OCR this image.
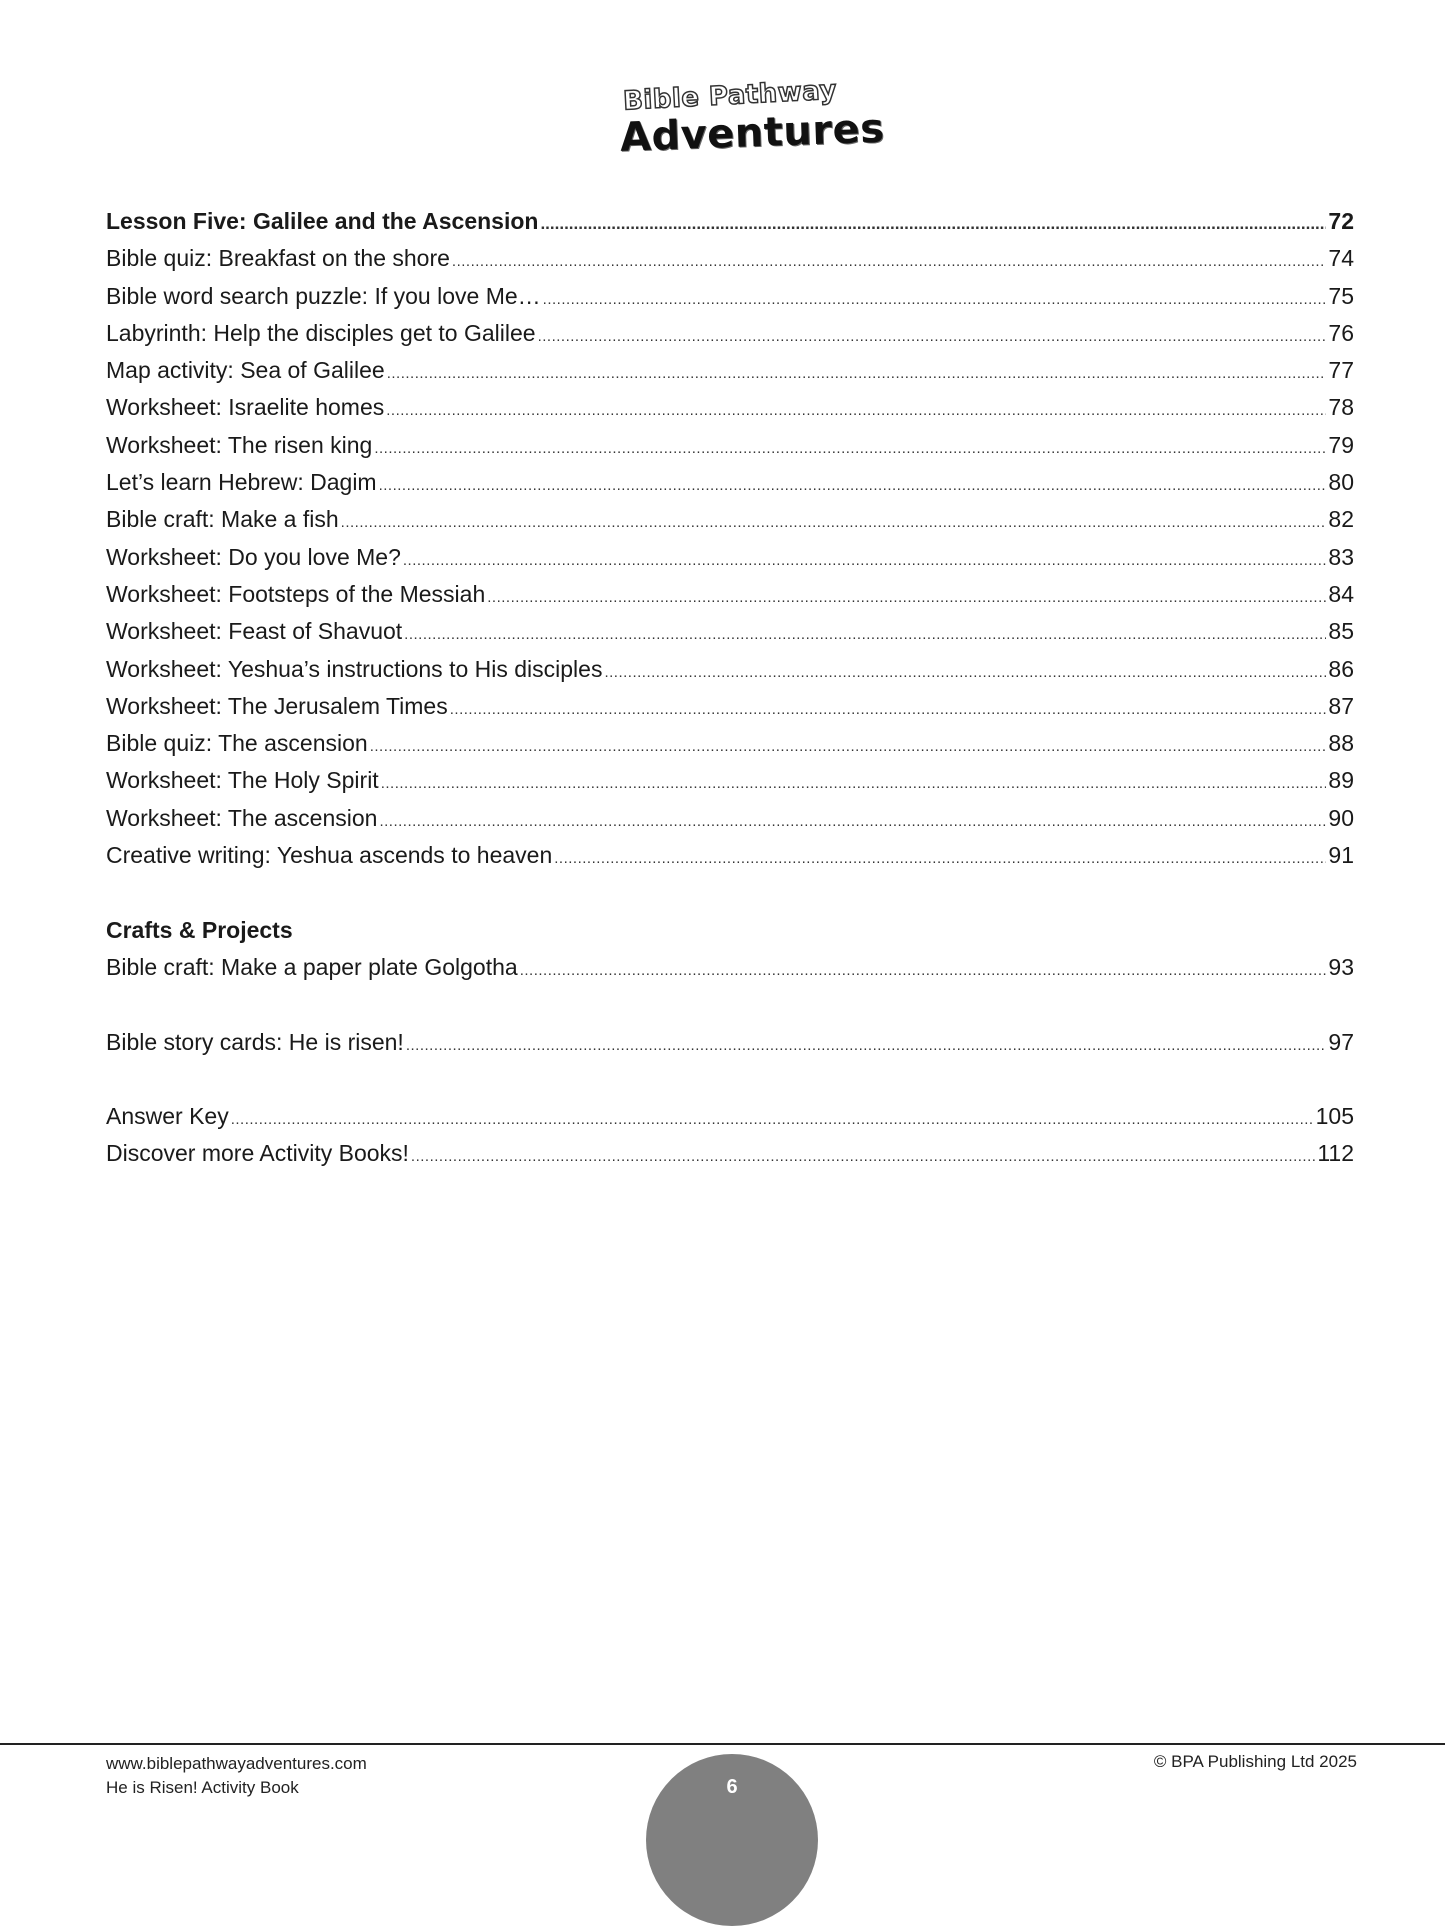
Bible Pathway
Adventures
Lesson Five: Galilee and the Ascension .....	72
Bible quiz: Breakfast on the shore .....	74
Bible word search puzzle: If you love Me… .....	75
Labyrinth: Help the disciples get to Galilee .....	76
Map activity: Sea of Galilee .....	77
Worksheet: Israelite homes .....	78
Worksheet: The risen king .....	79
Let’s learn Hebrew: Dagim .....	80
Bible craft: Make a fish .....	82
Worksheet: Do you love Me? .....	83
Worksheet: Footsteps of the Messiah .....	84
Worksheet: Feast of Shavuot .....	85
Worksheet: Yeshua’s instructions to His disciples .....	86
Worksheet: The Jerusalem Times .....	87
Bible quiz: The ascension .....	88
Worksheet: The Holy Spirit .....	89
Worksheet: The ascension .....	90
Creative writing: Yeshua ascends to heaven .....	91
Crafts & Projects
Bible craft: Make a paper plate Golgotha .....	93
Bible story cards: He is risen! .....	97
Answer Key .....	105
Discover more Activity Books! .....	112
www.biblepathwayadventures.com
He is Risen! Activity Book
© BPA Publishing Ltd 2025
6
